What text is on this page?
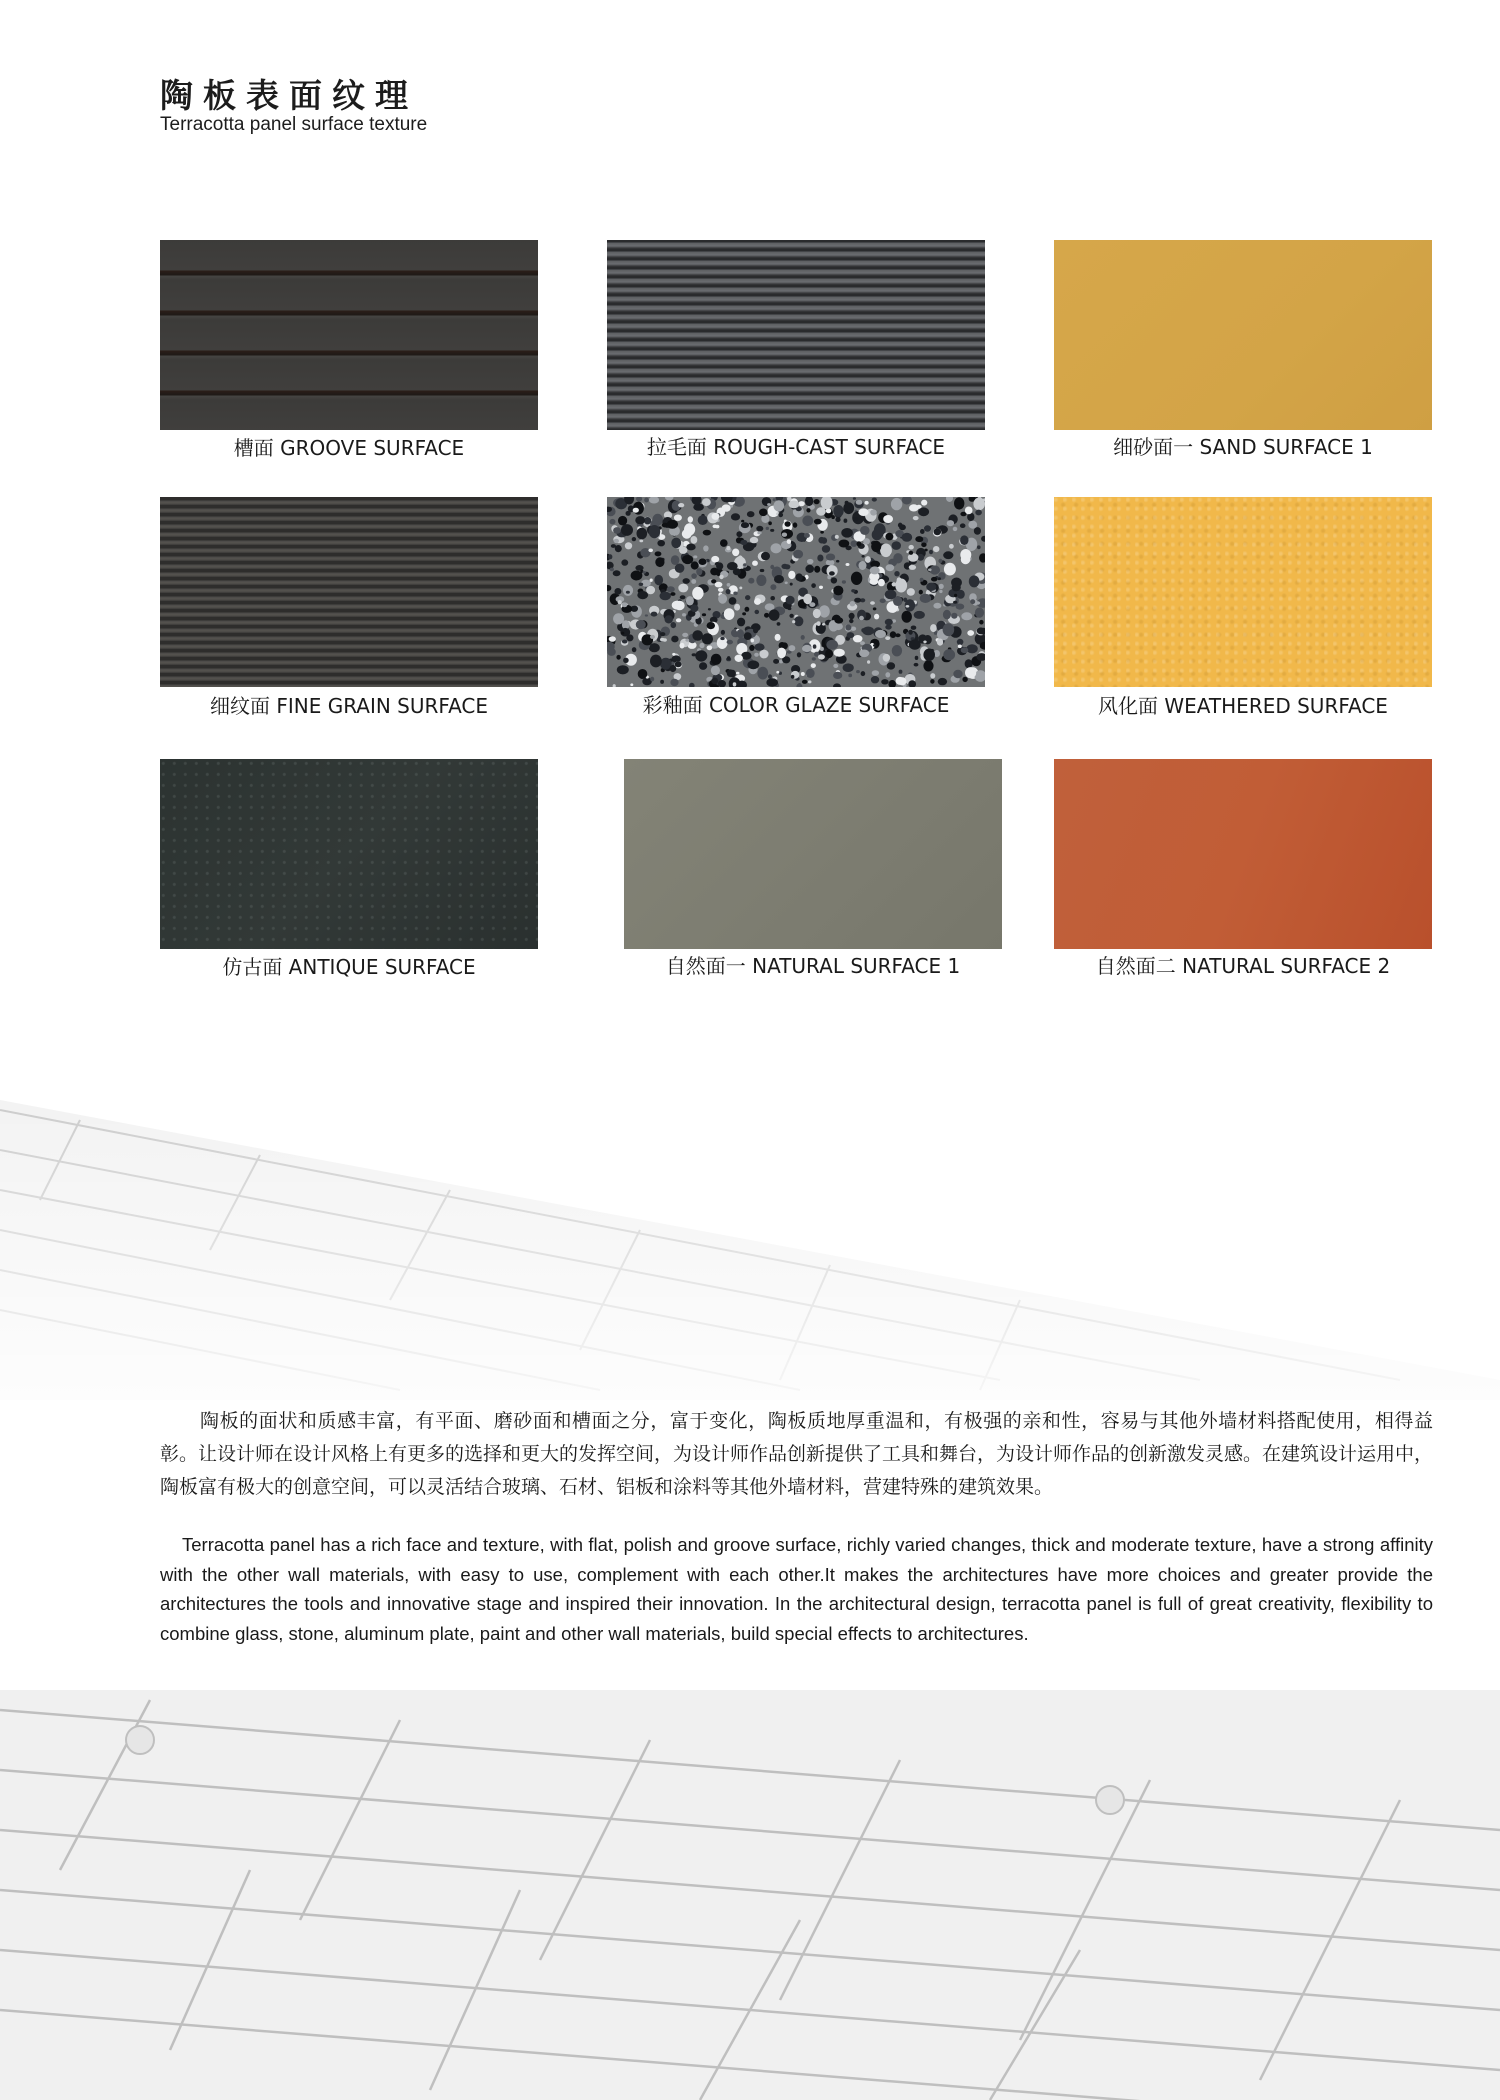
陶板表面纹理
Terracotta panel surface texture
槽面 GROOVE SURFACE	拉毛面 ROUGH-CAST SURFACE	细砂面一 SAND SURFACE 1
细纹面 FINE GRAIN SURFACE	彩釉面 COLOR GLAZE SURFACE	风化面 WEATHERED SURFACE
仿古面 ANTIQUE SURFACE	自然面一 NATURAL SURFACE 1	自然面二 NATURAL SURFACE 2
陶板的面状和质感丰富，有平面、磨砂面和槽面之分，富于变化，陶板质地厚重温和，有极强的亲和性，容易与其他外墙材料搭配使用，相得益彰。让设计师在设计风格上有更多的选择和更大的发挥空间，为设计师作品创新提供了工具和舞台，为设计师作品的创新激发灵感。在建筑设计运用中，陶板富有极大的创意空间，可以灵活结合玻璃、石材、铝板和涂料等其他外墙材料，营建特殊的建筑效果。
Terracotta panel has a rich face and texture, with flat, polish and groove surface, richly varied changes, thick and moderate texture, have a strong affinity with the other wall materials, with easy to use, complement with each other.It makes the architectures have more choices and greater provide the architectures the tools and innovative stage and inspired their innovation. In the architectural design, terracotta panel is full of great creativity, flexibility to combine glass, stone, aluminum plate, paint and other wall materials, build special effects to architectures.
